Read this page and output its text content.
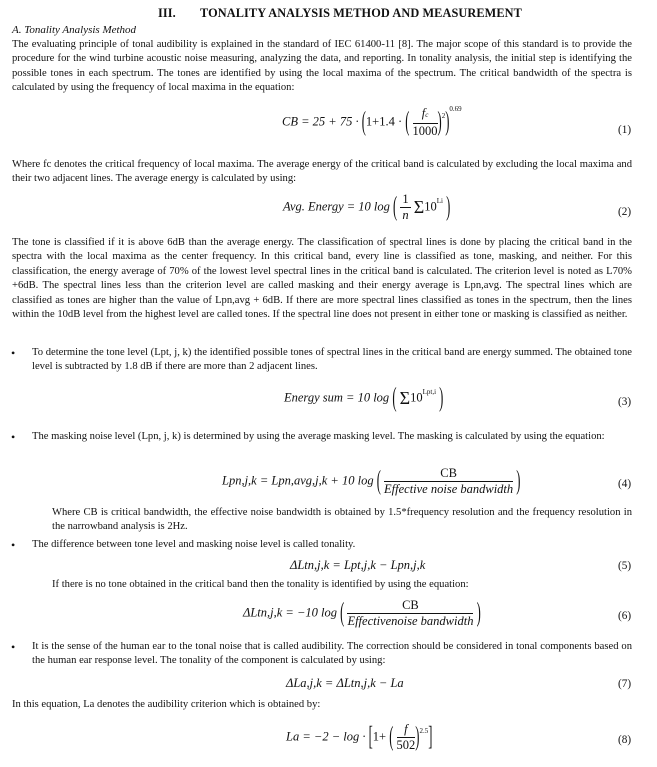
III. TONALITY ANALYSIS METHOD AND MEASUREMENT
A. Tonality Analysis Method

The evaluating principle of tonal audibility is explained in the standard of IEC 61400-11 [8]. The major scope of this standard is to provide the procedure for the wind turbine acoustic noise measuring, analyzing the data, and reporting. In tonality analysis, the initial step is identifying the possible tones in each spectrum. The tones are identified by using the local maxima of the spectrum. The critical bandwidth of the spectra is calculated by using the frequency of local maxima in the equation:

CB = 25 + 75 · (1+1.4 · ( $\frac{fc}{1000} )^2)^{0.69}$
(1)

Where fc denotes the critical frequency of local maxima. The average energy of the critical band is calculated by excluding the local maxima and their two adjacent lines. The average energy is calculated by using:

Avg. Energy = 10 log ( $\frac{1}{n} \Sigma 10^{Li}$ )	(2)

The tone is classified if it is above 6dB than the average energy. The classification of spectral lines is done by placing the critical band in the spectra with the local maxima as the center frequency. In this critical band, every line is classified as tone, masking, and neither. For this classification, the energy average of 70% of the lowest level spectral lines in the critical band is calculated. The criterion level is noted as L70% +6dB. The spectral lines less than the criterion level are called masking and their energy average is Lpn,avg. The spectral lines which are classified as tones are higher than the value of Lpn,avg + 6dB. If there are more spectral lines classified as tones in the spectrum, then the lines within the 10dB level from the highest level are called tones. If the spectral line does not present in either tone or masking is classified as neither.

• To determine the tone level (Lpt, j, k) the identified possible tones of spectral lines in the critical band are energy summed. The obtained tone level is subtracted by 1.8 dB if there are more than 2 adjacent lines.

Energy sum = 10 log ( $\Sigma 10^{Lpt,i}$ )	(3)
• The masking noise level (Lpn, j, k) is determined by using the average masking level. The masking is calculated by using the equation:

Lpn,j,k = Lpn,avg,j,k + 10 log ( $\frac{CB}{\text{Effective noise bandwidth}}$ )	(4)

Where CB is critical bandwidth, the effective noise bandwidth is obtained by 1.5*frequency resolution and the frequency resolution in the narrowband analysis is 2Hz.

• The difference between tone level and masking noise level is called tonality.

ΔLtn,j,k = Lpt,j,k − Lpn,j,k	(5)

If there is no tone obtained in the critical band then the tonality is identified by using the equation:

ΔLtn,j,k = −10 log ( $\frac{CB}{\text{Effectivenoise bandwidth}}$ )	(6)
• It is the sense of the human ear to the tonal noise that is called audibility. The correction should be considered in tonal components based on the human ear response level. The tonality of the component is calculated by using:

ΔLa,j,k = ΔLtn,j,k − La	(7)

In this equation, La denotes the audibility criterion which is obtained by:

La = −2 − log · [1+ ( $\frac{f}{502} )^{2.5}$]	(8)
